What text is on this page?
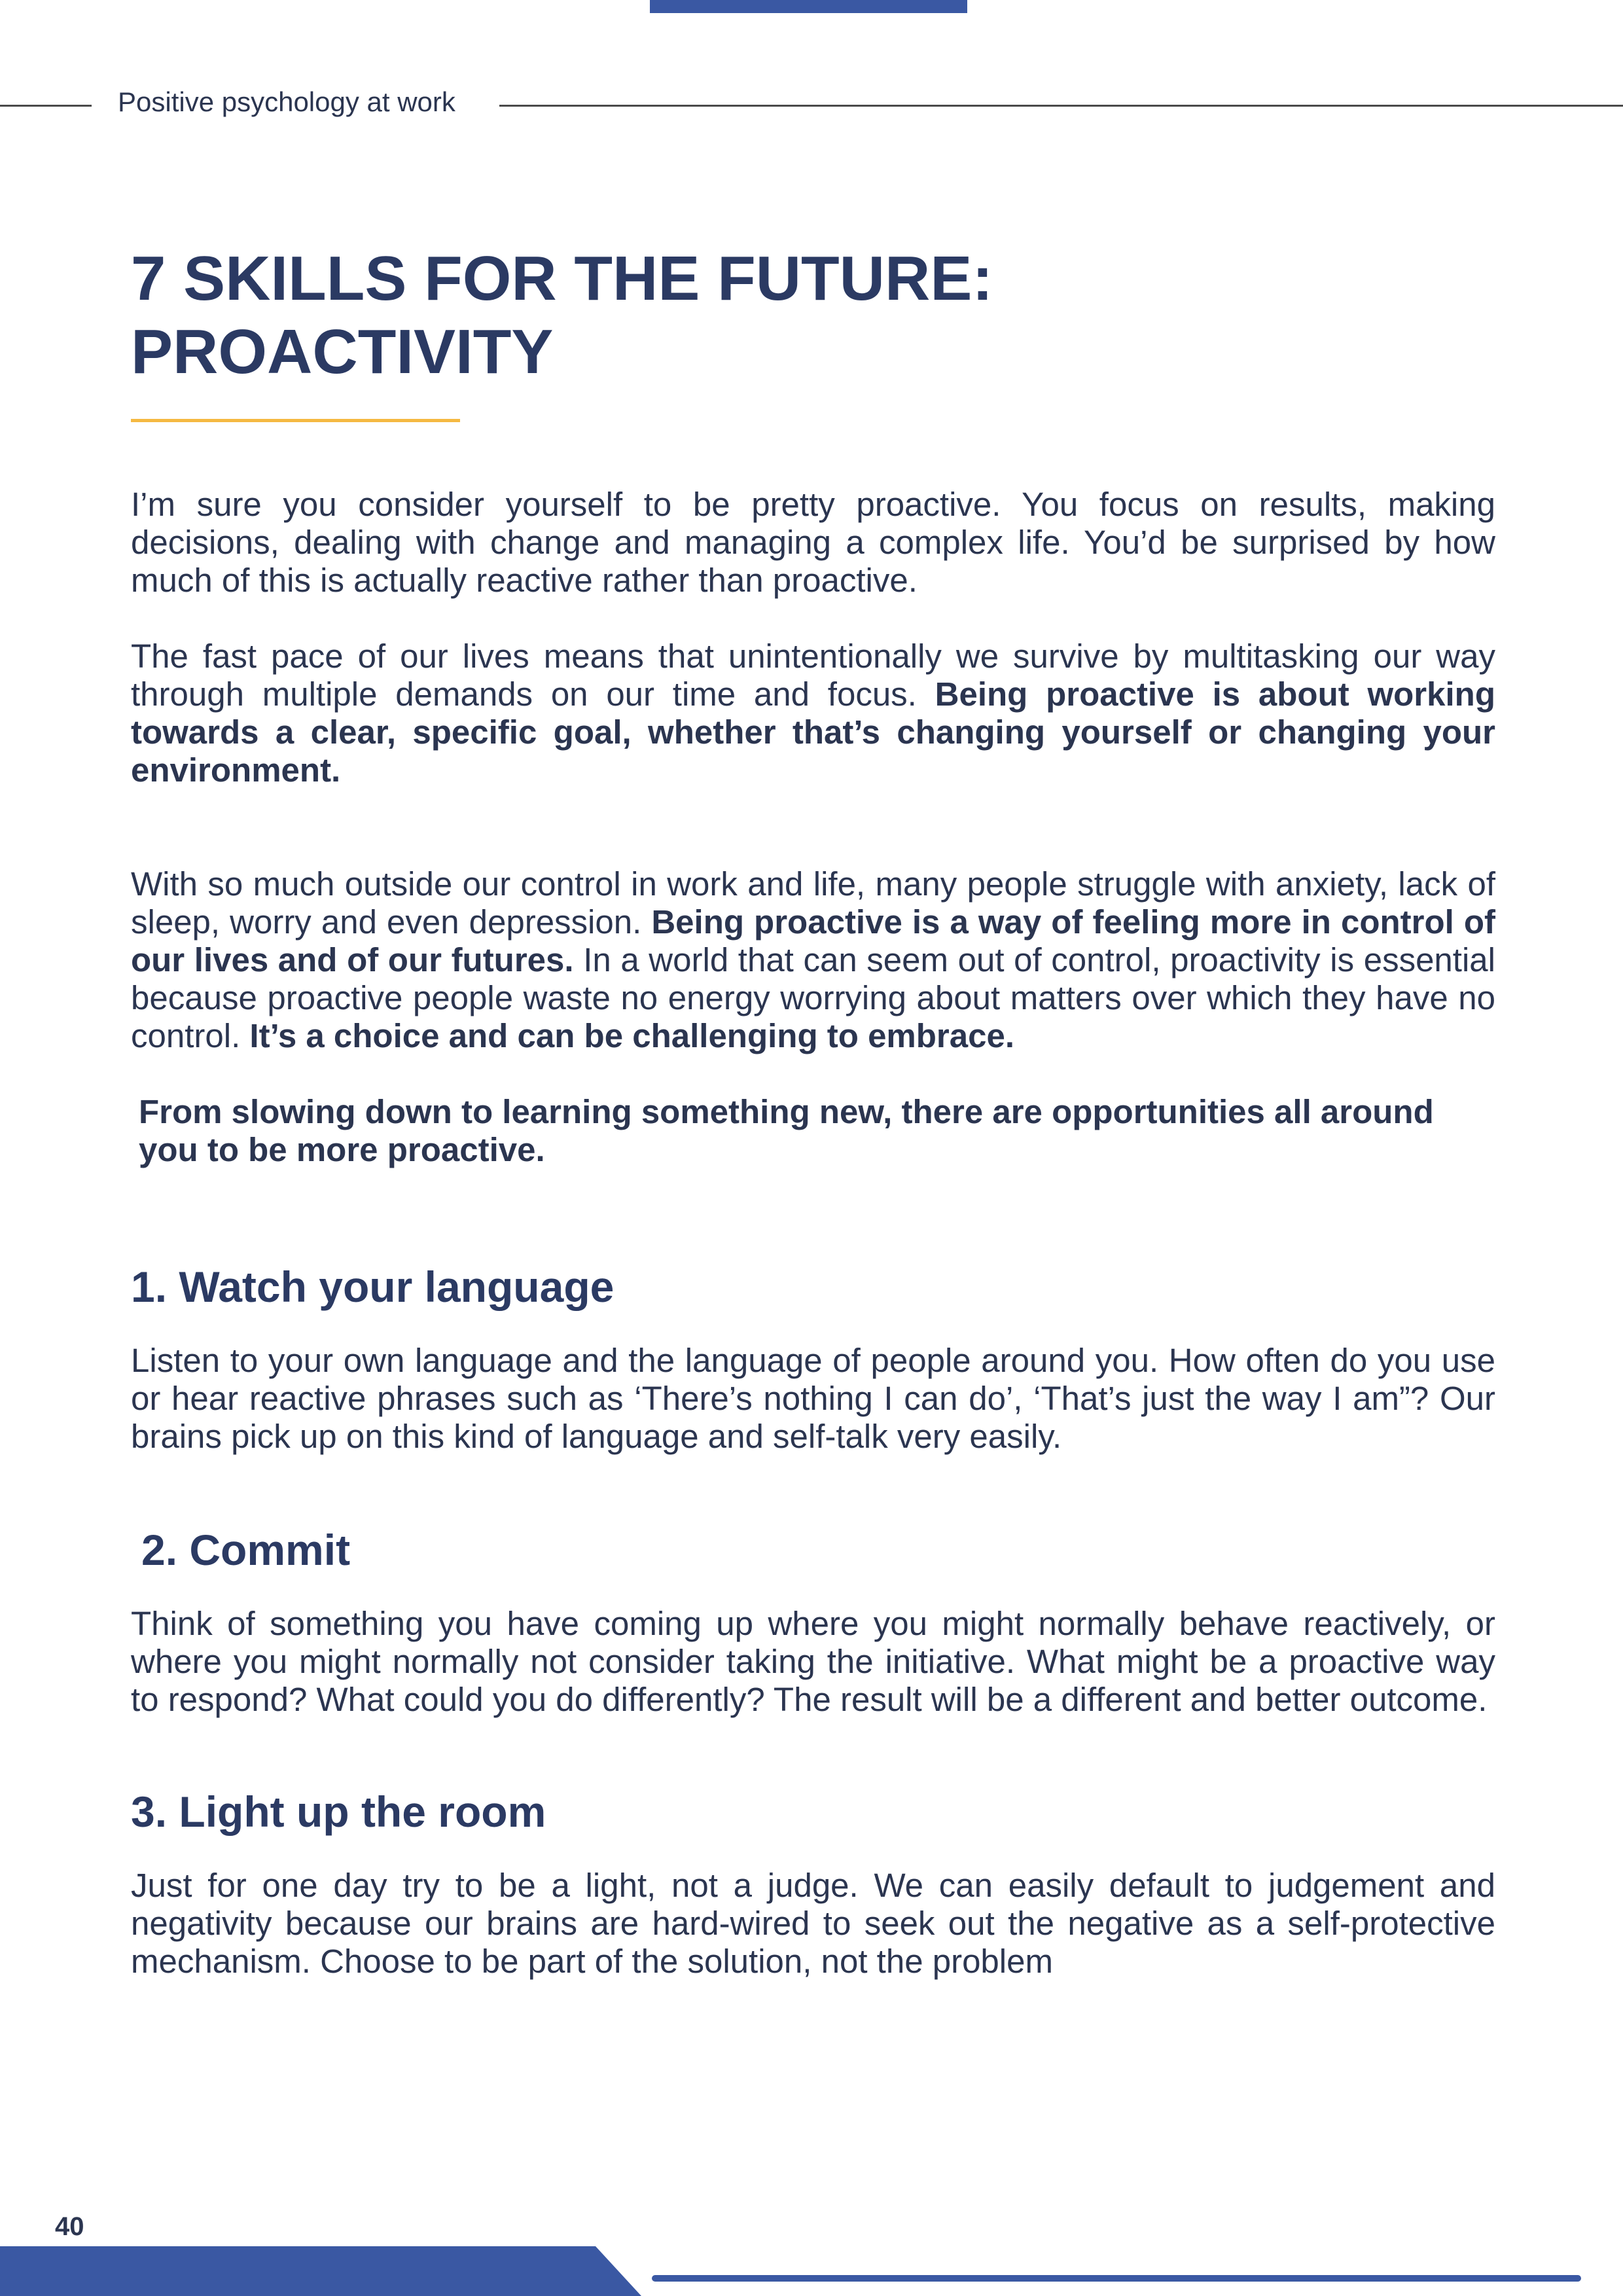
Positive psychology at work
7 SKILLS FOR THE FUTURE:
PROACTIVITY

I’m sure you consider yourself to be pretty proactive. You focus on results, making decisions, dealing with change and managing a complex life. You’d be surprised by how much of this is actually reactive rather than proactive.

The fast pace of our lives means that unintentionally we survive by multitasking our way through multiple demands on our time and focus. Being proactive is about working towards a clear, specific goal, whether that’s changing yourself or changing your environment.

With so much outside our control in work and life, many people struggle with anxiety, lack of sleep, worry and even depression. Being proactive is a way of feeling more in control of our lives and of our futures. In a world that can seem out of control, proactivity is essential because proactive people waste no energy worrying about matters over which they have no control. It’s a choice and can be challenging to embrace.

From slowing down to learning something new, there are opportunities all around you to be more proactive.

1. Watch your language

Listen to your own language and the language of people around you. How often do you use or hear reactive phrases such as ‘There’s nothing I can do’, ‘That’s just the way I am”? Our brains pick up on this kind of language and self-talk very easily.

2. Commit

Think of something you have coming up where you might normally behave reactively, or where you might normally not consider taking the initiative. What might be a proactive way to respond? What could you do differently? The result will be a different and better outcome.

3. Light up the room

Just for one day try to be a light, not a judge. We can easily default to judgement and negativity because our brains are hard-wired to seek out the negative as a self-protective mechanism. Choose to be part of the solution, not the problem

40
